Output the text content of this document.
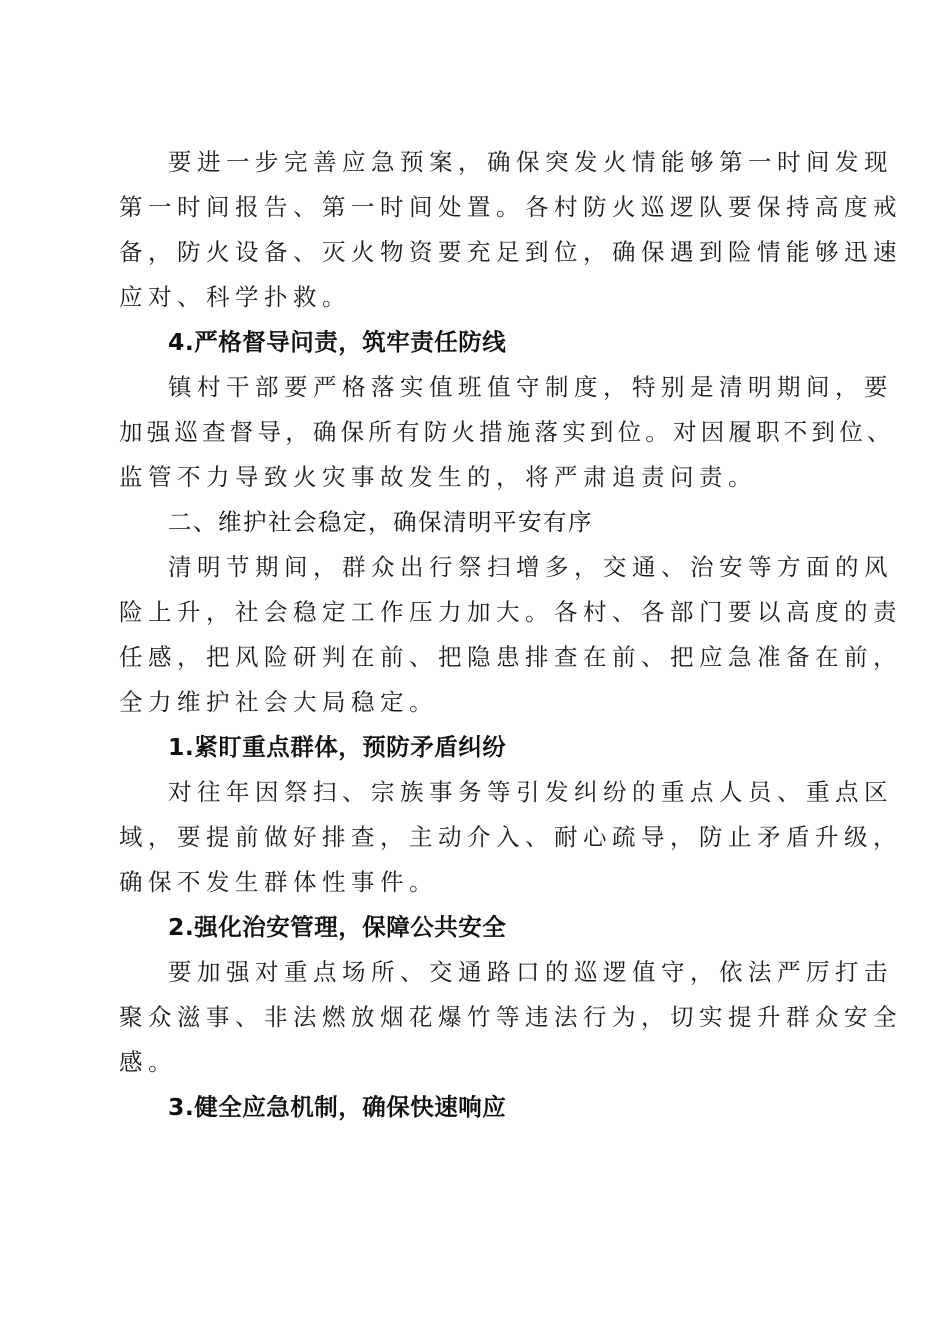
要进一步完善应急预案，确保突发火情能够第一时间发现
第一时间报告、第一时间处置。各村防火巡逻队要保持高度戒
备，防火设备、灭火物资要充足到位，确保遇到险情能够迅速
应对、科学扑救。
4.严格督导问责，筑牢责任防线
镇村干部要严格落实值班值守制度，特别是清明期间，要
加强巡查督导，确保所有防火措施落实到位。对因履职不到位、
监管不力导致火灾事故发生的，将严肃追责问责。
二、维护社会稳定，确保清明平安有序
清明节期间，群众出行祭扫增多，交通、治安等方面的风
险上升，社会稳定工作压力加大。各村、各部门要以高度的责
任感，把风险研判在前、把隐患排查在前、把应急准备在前，
全力维护社会大局稳定。
1.紧盯重点群体，预防矛盾纠纷
对往年因祭扫、宗族事务等引发纠纷的重点人员、重点区
域，要提前做好排查，主动介入、耐心疏导，防止矛盾升级，
确保不发生群体性事件。
2.强化治安管理，保障公共安全
要加强对重点场所、交通路口的巡逻值守，依法严厉打击
聚众滋事、非法燃放烟花爆竹等违法行为，切实提升群众安全
感。
3.健全应急机制，确保快速响应
